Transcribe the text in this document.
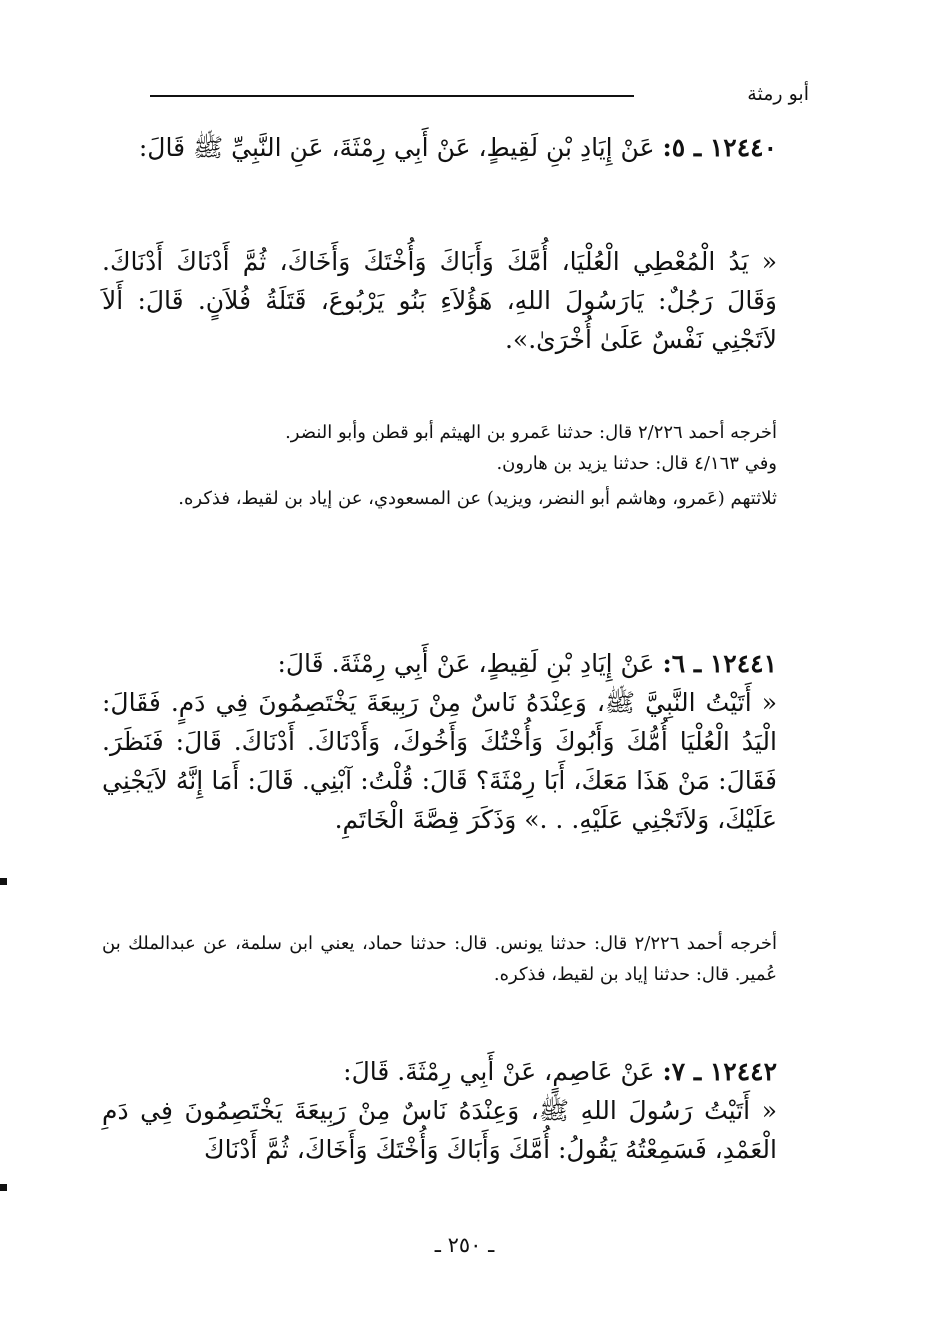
أبو رمثة

١٢٤٤٠ ـ ٥: عَنْ إِيَادِ بْنِ لَقِيطٍ، عَنْ أَبِي رِمْثَةَ، عَنِ النَّبِيِّ ﷺ قَالَ:

« يَدُ الْمُعْطِي الْعُلْيَا، أُمَّكَ وَأَبَاكَ وَأُخْتَكَ وَأَخَاكَ، ثُمَّ أَدْنَاكَ أَدْنَاكَ. وَقَالَ رَجُلٌ: يَارَسُولَ اللهِ، هَؤُلاَءِ بَنُو يَرْبُوعَ، قَتَلَةُ فُلاَنٍ. قَالَ: أَلاَ لاَتَجْنِي نَفْسٌ عَلَىٰ أُخْرَىٰ.».

أخرجه أحمد ٢/٢٢٦ قال: حدثنا عَمرو بن الهيثم أبو قطن وأبو النضر.

وفي ٤/١٦٣ قال: حدثنا يزيد بن هارون.

ثلاثتهم (عَمرو، وهاشم أبو النضر، ويزيد) عن المسعودي، عن إياد بن لقيط، فذكره.

١٢٤٤١ ـ ٦: عَنْ إِيَادِ بْنِ لَقِيطٍ، عَنْ أَبِي رِمْثَةَ. قَالَ:

« أَتَيْتُ النَّبِيَّ ﷺ، وَعِنْدَهُ نَاسٌ مِنْ رَبِيعَةَ يَخْتَصِمُونَ فِي دَمٍ. فَقَالَ: الْيَدُ الْعُلْيَا أُمُّكَ وَأَبُوكَ وَأُخْتُكَ وَأَخُوكَ، وَأَدْنَاكَ. أَدْنَاكَ. قَالَ: فَنَظَرَ. فَقَالَ: مَنْ هَذَا مَعَكَ، أَبَا رِمْثَةَ؟ قَالَ: قُلْتُ: آبْنِي. قَالَ: أَمَا إِنَّهُ لاَيَجْنِي عَلَيْكَ، وَلاَتَجْنِي عَلَيْهِ. . .» وَذَكَرَ قِصَّةَ الْخَاتَمِ.

أخرجه أحمد ٢/٢٢٦ قال: حدثنا يونس. قال: حدثنا حماد، يعني ابن سلمة، عن عبدالملك بن عُمير. قال: حدثنا إياد بن لقيط، فذكره.

١٢٤٤٢ ـ ٧: عَنْ عَاصِمٍ، عَنْ أَبِي رِمْثَةَ. قَالَ:

« أَتَيْتُ رَسُولَ اللهِ ﷺ، وَعِنْدَهُ نَاسٌ مِنْ رَبِيعَةَ يَخْتَصِمُونَ فِي دَمِ الْعَمْدِ، فَسَمِعْتُهُ يَقُولُ: أُمَّكَ وَأَبَاكَ وَأُخْتَكَ وَأَخَاكَ، ثُمَّ أَدْنَاكَ

ـ ٢٥٠ ـ
